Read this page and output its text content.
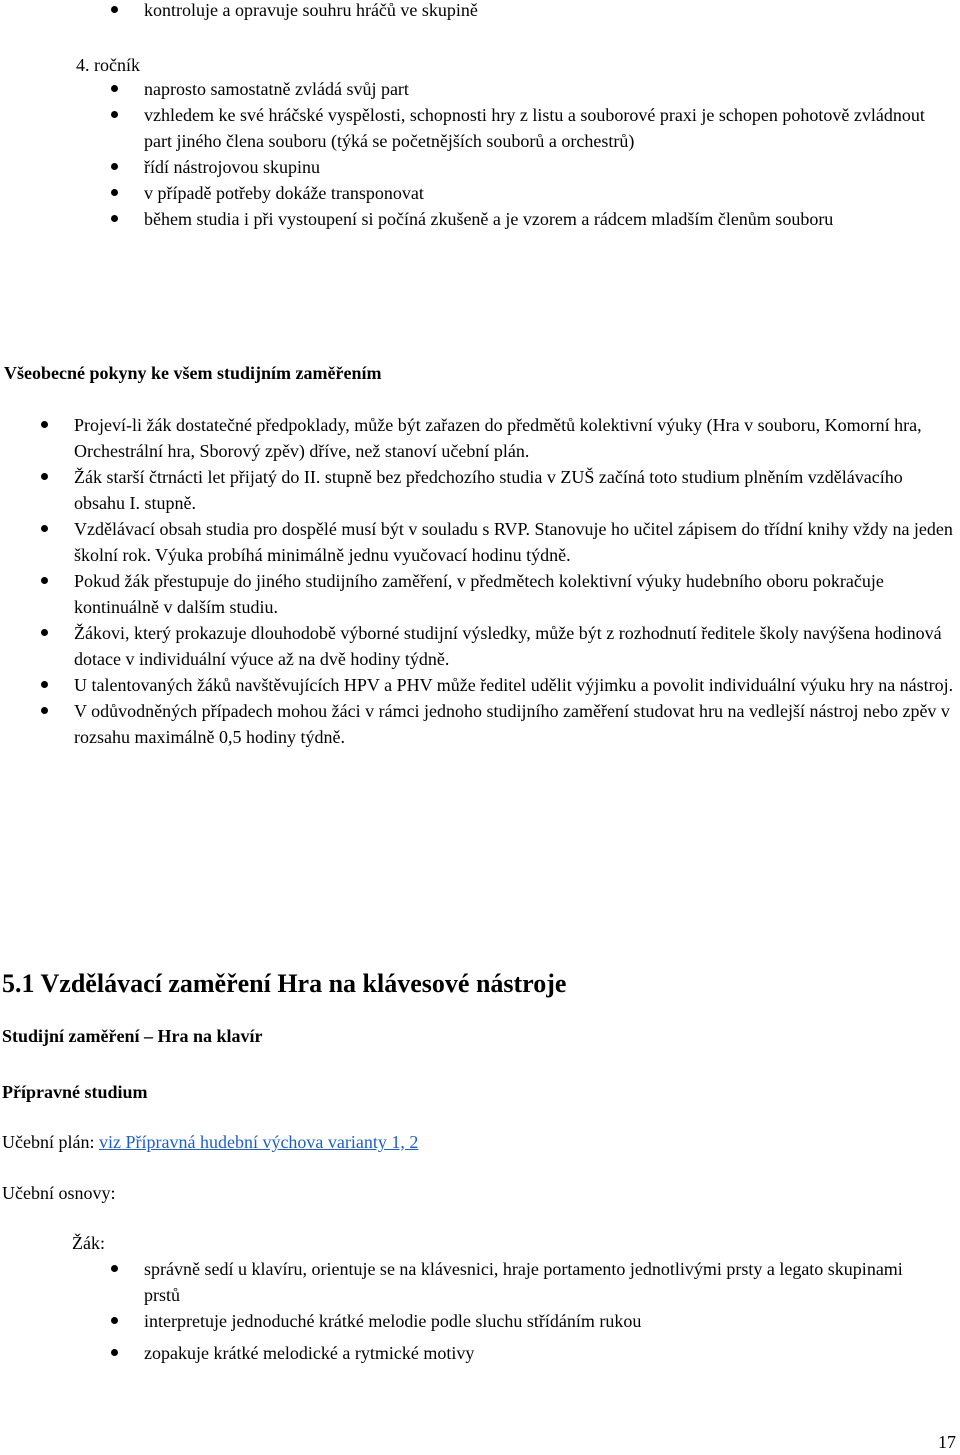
kontroluje a opravuje souhru hráčů ve skupině

4. ročník

naprosto samostatně zvládá svůj part
vzhledem ke své hráčské vyspělosti, schopnosti hry z listu a souborové praxi je schopen pohotově zvládnout part jiného člena souboru (týká se početnějších souborů a orchestrů)
řídí nástrojovou skupinu
v případě potřeby dokáže transponovat
během studia i při vystoupení si počíná zkušeně a je vzorem a rádcem mladším členům souboru

Všeobecné pokyny ke všem studijním zaměřením

Projeví-li žák dostatečné předpoklady, může být zařazen do předmětů kolektivní výuky (Hra v souboru, Komorní hra, Orchestrální hra, Sborový zpěv) dříve, než stanoví učební plán.
Žák starší čtrnácti let přijatý do II. stupně bez předchozího studia v ZUŠ začíná toto studium plněním vzdělávacího obsahu I. stupně.
Vzdělávací obsah studia pro dospělé musí být v souladu s RVP. Stanovuje ho učitel zápisem do třídní knihy vždy na jeden školní rok. Výuka probíhá minimálně jednu vyučovací hodinu týdně.
Pokud žák přestupuje do jiného studijního zaměření, v předmětech kolektivní výuky hudebního oboru pokračuje kontinuálně v dalším studiu.
Žákovi, který prokazuje dlouhodobě výborné studijní výsledky, může být z rozhodnutí ředitele školy navýšena hodinová dotace v individuální výuce až na dvě hodiny týdně.
U talentovaných žáků navštěvujících HPV a PHV může ředitel udělit výjimku a povolit individuální výuku hry na nástroj.
V odůvodněných případech mohou žáci v rámci jednoho studijního zaměření studovat hru na vedlejší nástroj nebo zpěv v rozsahu maximálně 0,5 hodiny týdně.

5.1 Vzdělávací zaměření Hra na klávesové nástroje

Studijní zaměření – Hra na klavír

Přípravné studium

Učební plán: viz Přípravná hudební výchova varianty 1, 2

Učební osnovy:

Žák:

správně sedí u klavíru, orientuje se na klávesnici, hraje portamento jednotlivými prsty a legato skupinami prstů
interpretuje jednoduché krátké melodie podle sluchu střídáním rukou
zopakuje krátké melodické a rytmické motivy
17
